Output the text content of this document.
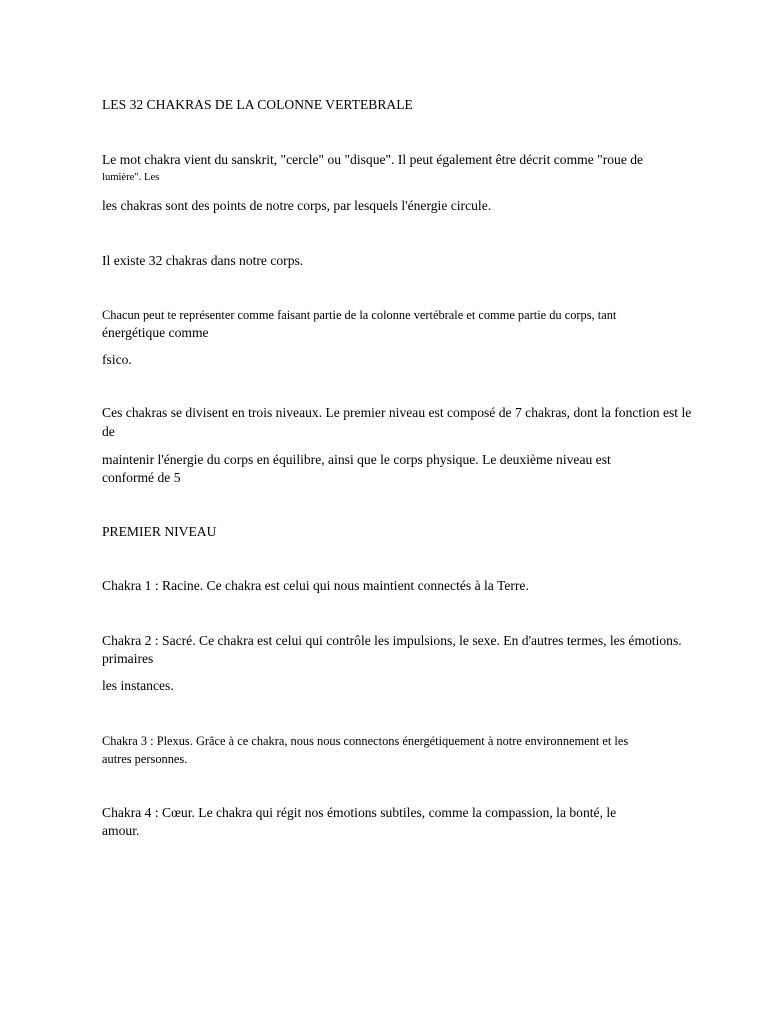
LES 32 CHAKRAS DE LA COLONNE VERTEBRALE
Le mot chakra vient du sanskrit, "cercle" ou "disque". Il peut également être décrit comme "roue de
lumière". Les
les chakras sont des points de notre corps, par lesquels l'énergie circule.
Il existe 32 chakras dans notre corps.
Chacun peut te représenter comme faisant partie de la colonne vertébrale et comme partie du corps, tant
énergétique comme
fsico.
Ces chakras se divisent en trois niveaux. Le premier niveau est composé de 7 chakras, dont la fonction est le
de
maintenir l'énergie du corps en équilibre, ainsi que le corps physique. Le deuxième niveau est
conformé de 5
PREMIER NIVEAU
Chakra 1 : Racine. Ce chakra est celui qui nous maintient connectés à la Terre.
Chakra 2 : Sacré. Ce chakra est celui qui contrôle les impulsions, le sexe. En d'autres termes, les émotions.
primaires
les instances.
Chakra 3 : Plexus. Grâce à ce chakra, nous nous connectons énergétiquement à notre environnement et les
autres personnes.
Chakra 4 : Cœur. Le chakra qui régit nos émotions subtiles, comme la compassion, la bonté, le
amour.
